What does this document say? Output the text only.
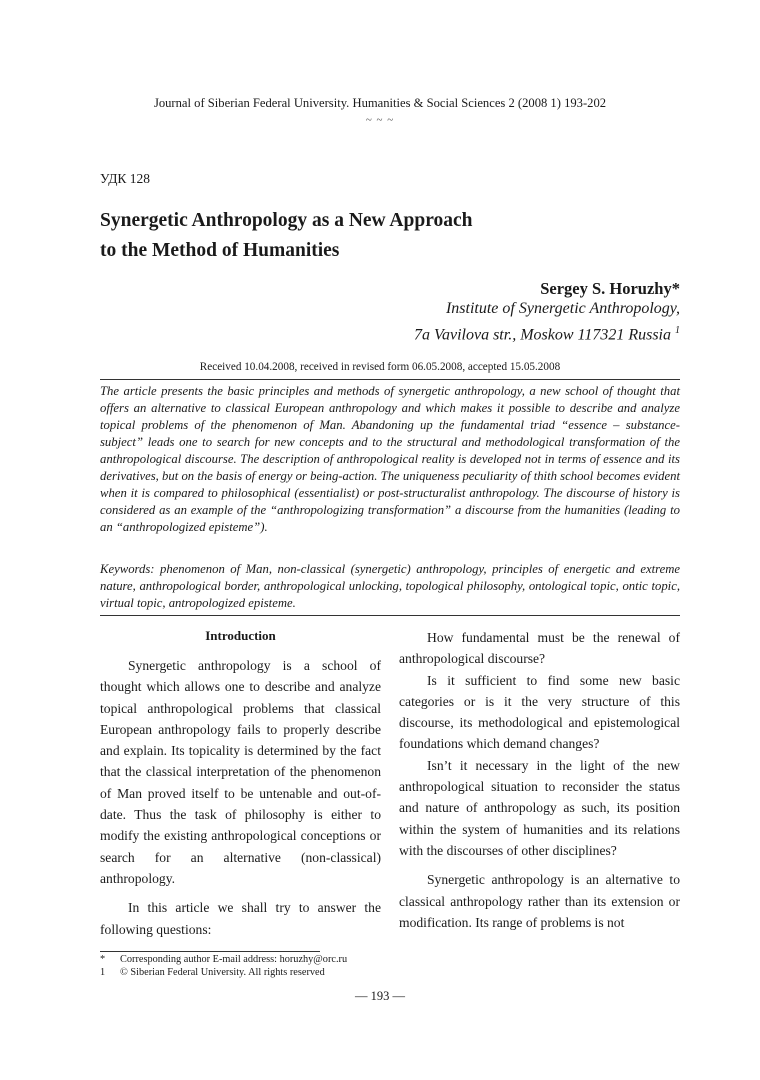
Journal of Siberian Federal University. Humanities & Social Sciences 2 (2008 1) 193-202
~ ~ ~
УДК 128
Synergetic Anthropology as a New Approach
to the Method of Humanities
Sergey S. Horuzhy*
Institute of Synergetic Anthropology,
7a Vavilova str., Moskow 117321 Russia $^1$
Received 10.04.2008, received in revised form 06.05.2008, accepted 15.05.2008

The article presents the basic principles and methods of synergetic anthropology, a new school of thought that offers an alternative to classical European anthropology and which makes it possible to describe and analyze topical problems of the phenomenon of Man. Abandoning up the fundamental triad “essence – substance-subject” leads one to search for new concepts and to the structural and methodological transformation of the anthropological discourse. The description of anthropological reality is developed not in terms of essence and its derivatives, but on the basis of energy or being-action. The uniqueness peculiarity of thith school becomes evident when it is compared to philosophical (essentialist) or post-structuralist anthropology. The discourse of history is considered as an example of the “anthropologizing transformation” a discourse from the humanities (leading to an “anthropologized episteme”).

Keywords: phenomenon of Man, non-classical (synergetic) anthropology, principles of energetic and extreme nature, anthropological border, anthropological unlocking, topological philosophy, ontological topic, ontic topic, virtual topic, antropologized episteme.

Introduction

Synergetic anthropology is a school of thought which allows one to describe and analyze topical anthropological problems that classical European anthropology fails to properly describe and explain. Its topicality is determined by the fact that the classical interpretation of the phenomenon of Man proved itself to be untenable and out-of-date. Thus the task of philosophy is either to modify the existing anthropological conceptions or search for an alternative (non-classical) anthropology.

In this article we shall try to answer the following questions:

How fundamental must be the renewal of anthropological discourse?

Is it sufficient to find some new basic categories or is it the very structure of this discourse, its methodological and epistemological foundations which demand changes?

Isn’t it necessary in the light of the new anthropological situation to reconsider the status and nature of anthropology as such, its position within the system of humanities and its relations with the discourses of other disciplines?

Synergetic anthropology is an alternative to classical anthropology rather than its extension or modification. Its range of problems is not

* Corresponding author E-mail address: horuzhy@orc.ru
1 © Siberian Federal University. All rights reserved
— 193 —
